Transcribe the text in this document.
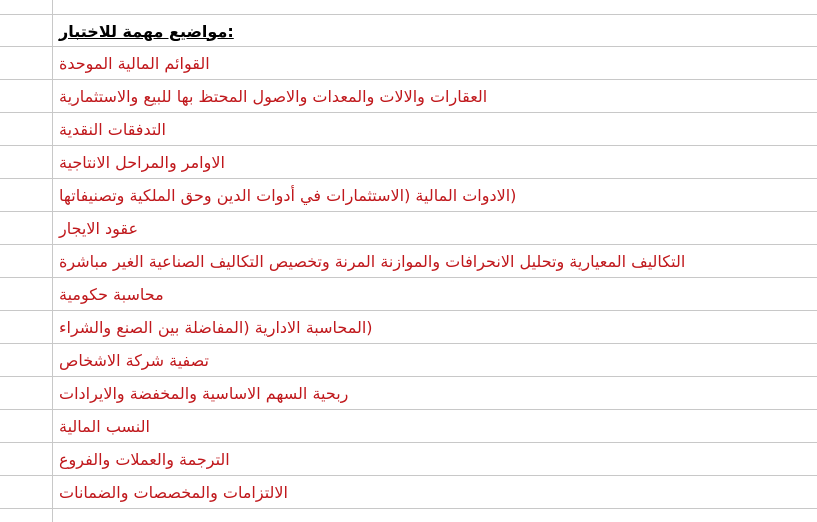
:مواضيع مهمة للاختبار
القوائم المالية الموحدة
العقارات والالات والمعدات والاصول المحتظ بها للبيع والاستثمارية
التدفقات النقدية
الاوامر والمراحل الانتاجية
(الادوات المالية (الاستثمارات في أدوات الدين وحق الملكية وتصنيفاتها
عقود الايجار
التكاليف المعيارية وتحليل الانحرافات والموازنة المرنة وتخصيص التكاليف الصناعية الغير مباشرة
محاسبة حكومية
(المحاسبة الادارية (المفاضلة بين الصنع والشراء
تصفية شركة الاشخاص
ربحية السهم الاساسية والمخفضة والايرادات
النسب المالية
الترجمة والعملات والفروع
الالتزامات والمخصصات والضمانات
